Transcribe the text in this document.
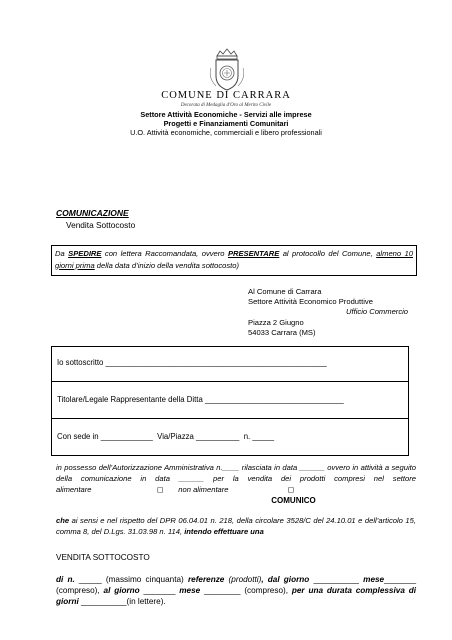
COMUNE DI CARRARA
Decorata di Medaglia d'Oro al Merito Civile
Settore Attività Economiche - Servizi alle imprese
Progetti e Finanziamenti Comunitari
U.O. Attività economiche, commerciali e libero professionali
COMUNICAZIONE
Vendita Sottocosto
Da SPEDIRE con lettera Raccomandata, ovvero PRESENTARE al protocollo del Comune, almeno 10 giorni prima della data d’inizio della vendita sottocosto)
Al Comune di Carrara
Settore Attività Economico Produttive
Ufficio Commercio
Piazza 2 Giugno
54033 Carrara (MS)
Io sottoscritto ___________________________________________________
Titolare/Legale Rappresentante della Ditta ________________________________
Con sede in ____________  Via/Piazza __________  n. _____
in possesso dell’Autorizzazione Amministrativa n.____ rilasciata in data ______ ovvero in attività a seguito della comunicazione in data ______ per la vendita dei prodotti compresi nel settore alimentare	◻ non alimentare	◻
COMUNICO
che ai sensi e nel rispetto del DPR 06.04.01 n. 218, della circolare 3528/C del 24.10.01 e dell’articolo 15, comma 8, del D.Lgs. 31.03.98 n. 114, intendo effettuare una
VENDITA SOTTOCOSTO
di n. _____ (massimo cinquanta) referenze (prodotti), dal giorno __________ mese_______ (compreso), al giorno _______ mese ________ (compreso), per una durata complessiva di giorni __________(in lettere).
